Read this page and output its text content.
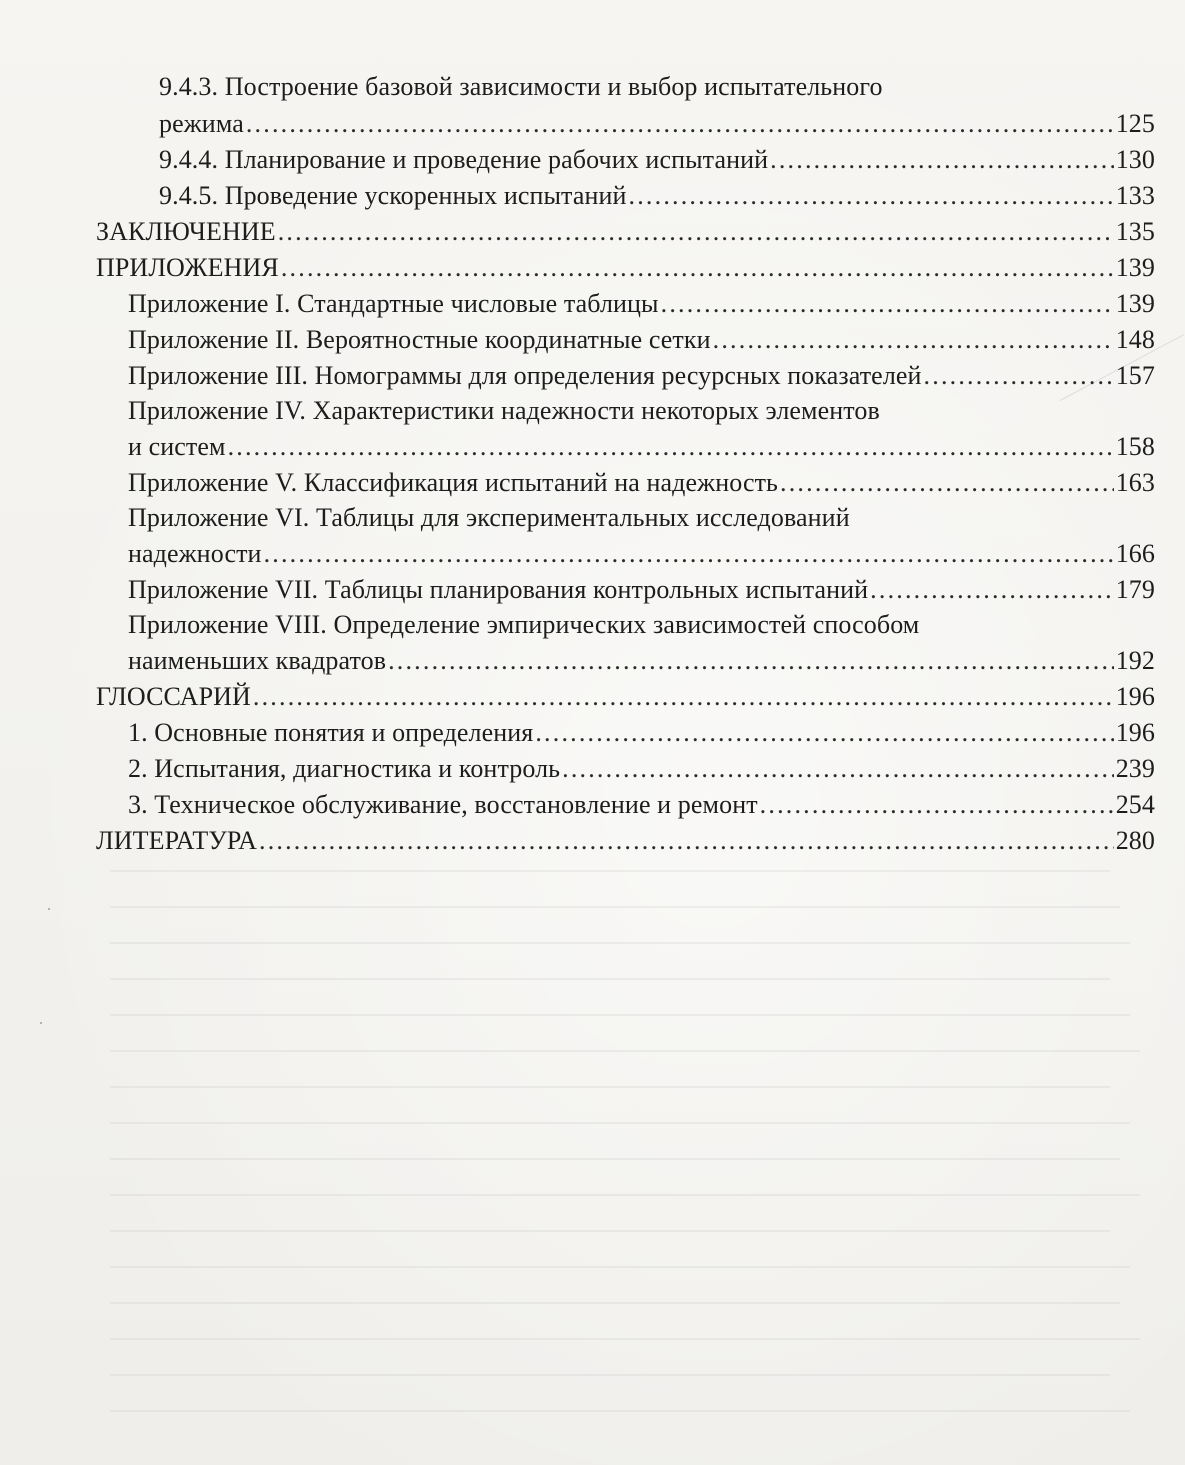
9.4.3. Построение базовой зависимости и выбор испытательного
режима .....	125
9.4.4. Планирование и проведение рабочих испытаний .....	130
9.4.5. Проведение ускоренных испытаний .....	133
ЗАКЛЮЧЕНИЕ .....	135
ПРИЛОЖЕНИЯ .....	139
Приложение I. Стандартные числовые таблицы .....	139
Приложение II. Вероятностные координатные сетки .....	148
Приложение III. Номограммы для определения ресурсных показателей .....	157
Приложение IV. Характеристики надежности некоторых элементов
и систем .....	158
Приложение V. Классификация испытаний на надежность .....	163
Приложение VI. Таблицы для экспериментальных исследований
надежности .....	166
Приложение VII. Таблицы планирования контрольных испытаний .....	179
Приложение VIII. Определение эмпирических зависимостей способом
наименьших квадратов .....	192
ГЛОССАРИЙ .....	196
1. Основные понятия и определения .....	196
2. Испытания, диагностика и контроль .....	239
3. Техническое обслуживание, восстановление и ремонт .....	254
ЛИТЕРАТУРА .....	280
